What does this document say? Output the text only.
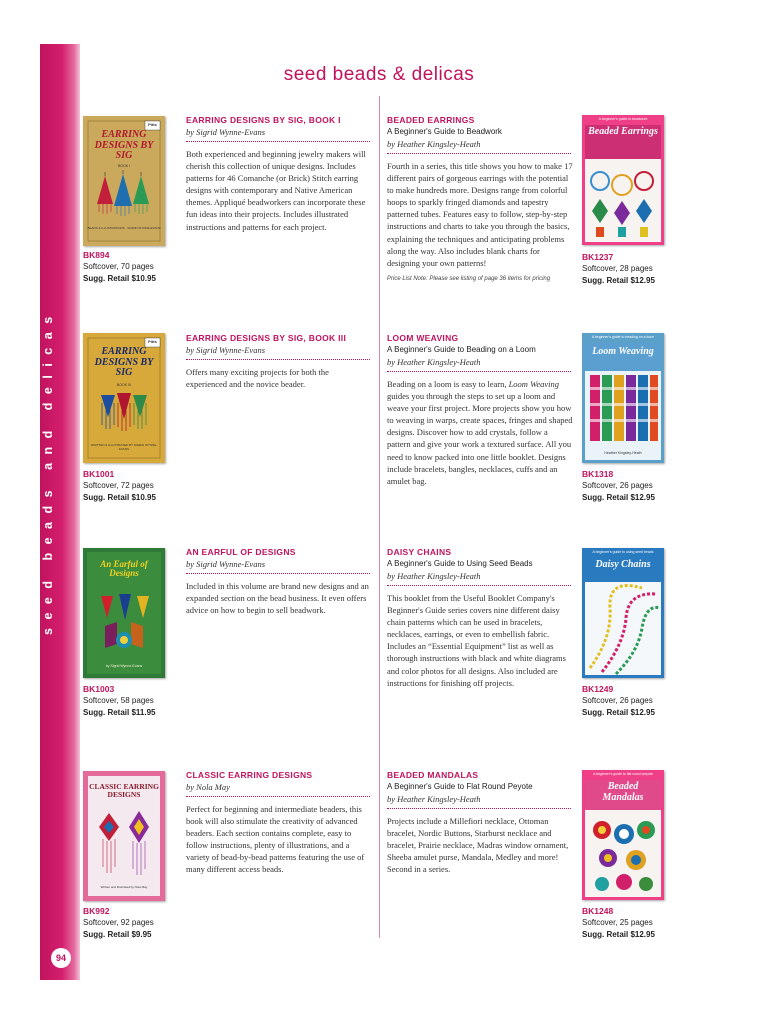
seed beads and delicas
94
seed beads & delicas
Pitts
EARRING DESIGNS BY SIG
BOOK I
BEADS & ILLUSTRATIONS · SIGRID WYNNE-EVANS
BK894
Softcover, 70 pages
Sugg. Retail $10.95
EARRING DESIGNS BY SIG, BOOK I
by Sigrid Wynne-Evans
Both experienced and beginning jewelry makers will cherish this collection of unique designs. Includes patterns for 46 Comanche (or Brick) Stitch earring designs with contemporary and Native American themes. Appliqué beadworkers can incorporate these fun ideas into their projects. Includes illustrated instructions and patterns for each project.
Pitts
EARRING DESIGNS BY SIG
BOOK III
WRITTEN & ILLUSTRATED BY SIGRID WYNNE-EVANS
BK1001
Softcover, 72 pages
Sugg. Retail $10.95
EARRING DESIGNS BY SIG, BOOK III
by Sigrid Wynne-Evans
Offers many exciting projects for both the experienced and the novice beader.
An Earful of Designs
by Sigrid Wynne-Evans
BK1003
Softcover, 58 pages
Sugg. Retail $11.95
AN EARFUL OF DESIGNS
by Sigrid Wynne-Evans
Included in this volume are brand new designs and an expanded section on the bead business. It even offers advice on how to begin to sell beadwork.
CLASSIC EARRING DESIGNS
Written and Illustrated by Nola May
BK992
Softcover, 92 pages
Sugg. Retail $9.95
CLASSIC EARRING DESIGNS
by Nola May
Perfect for beginning and intermediate beaders, this book will also stimulate the creativity of advanced beaders. Each section contains complete, easy to follow instructions, plenty of illustrations, and a variety of bead-by-bead patterns featuring the use of many different access beads.
BEADED EARRINGS
A Beginner's Guide to Beadwork
by Heather Kingsley-Heath
Fourth in a series, this title shows you how to make 17 different pairs of gorgeous earrings with the potential to make hundreds more. Designs range from colorful hoops to sparkly fringed diamonds and tapestry patterned tubes. Features easy to follow, step-by-step instructions and charts to take you through the basics, explaining the techniques and anticipating problems along the way. Also includes blank charts for designing your own patterns!
Price List Note: Please see listing of page 36 items for pricing
A beginner's guide to beadwork
Beaded Earrings
BK1237
Softcover, 28 pages
Sugg. Retail $12.95
LOOM WEAVING
A Beginner's Guide to Beading on a Loom
by Heather Kingsley-Heath
Beading on a loom is easy to learn, Loom Weaving guides you through the steps to set up a loom and weave your first project. More projects show you how to weaving in warps, create spaces, fringes and shaped designs. Discover how to add crystals, follow a pattern and give your work a textured surface. All you need to know packed into one little booklet. Designs include bracelets, bangles, necklaces, cuffs and an amulet bag.
A beginner's guide to beading on a loom
Loom Weaving
Heather Kingsley-Heath
BK1318
Softcover, 26 pages
Sugg. Retail $12.95
DAISY CHAINS
A Beginner's Guide to Using Seed Beads
by Heather Kingsley-Heath
This booklet from the Useful Booklet Company's Beginner's Guide series covers nine different daisy chain patterns which can be used in bracelets, necklaces, earrings, or even to embellish fabric. Includes an “Essential Equipment” list as well as thorough instructions with black and white diagrams and color photos for all designs. Also included are instructions for finishing off projects.
A beginner's guide to using seed beads
Daisy Chains
BK1249
Softcover, 26 pages
Sugg. Retail $12.95
BEADED MANDALAS
A Beginner's Guide to Flat Round Peyote
by Heather Kingsley-Heath
Projects include a Millefiori necklace, Ottoman bracelet, Nordic Buttons, Starburst necklace and bracelet, Prairie necklace, Madras window ornament, Sheeba amulet purse, Mandala, Medley and more! Second in a series.
A beginner's guide to flat round peyote
Beaded Mandalas
BK1248
Softcover, 25 pages
Sugg. Retail $12.95
